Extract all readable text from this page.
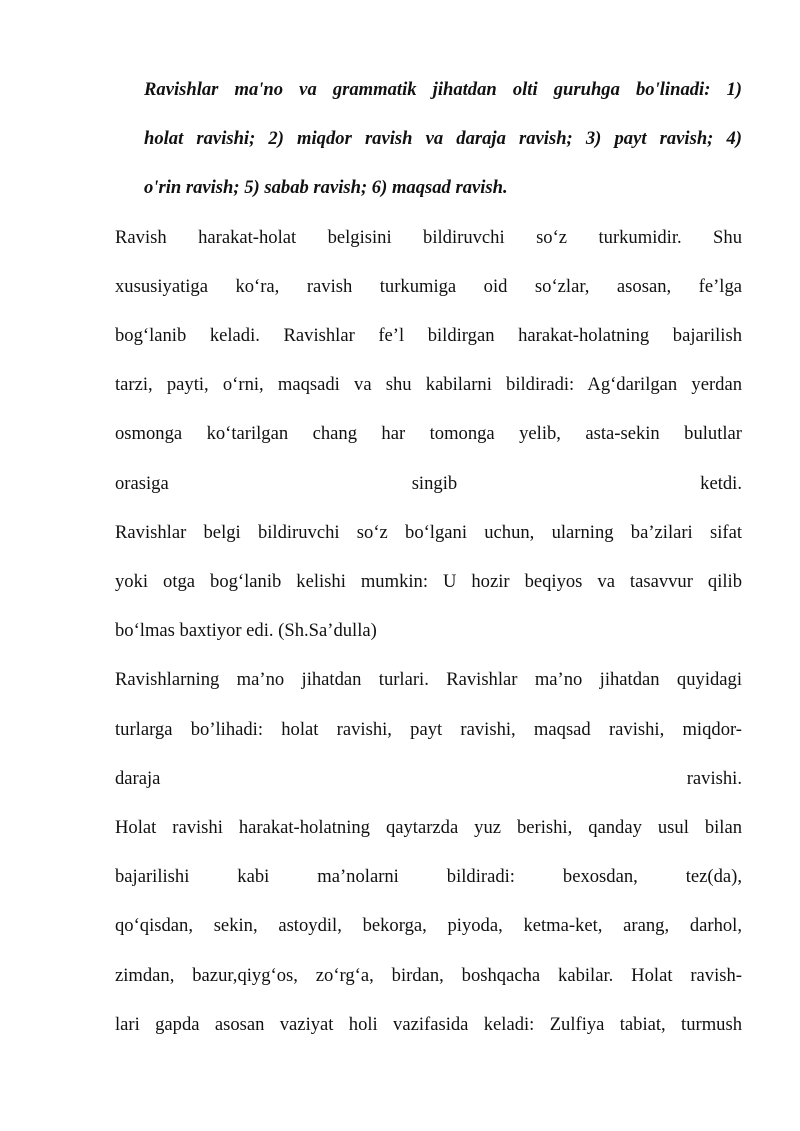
Ravishlar ma'no va grammatik jihatdan olti guruhga bo'linadi: 1)
holat ravishi; 2) miqdor ravish va daraja ravish; 3) payt ravish; 4)
o'rin ravish; 5) sabab ravish; 6) maqsad ravish.
Ravish harakat-holat belgisini bildiruvchi so‘z turkumidir. Shu
xususiyatiga ko‘ra, ravish turkumiga oid so‘zlar, asosan, fe’lga
bog‘lanib keladi. Ravishlar fe’l bildirgan harakat-holatning bajarilish
tarzi, payti, o‘rni, maqsadi va shu kabilarni bildiradi: Ag‘darilgan yerdan
osmonga ko‘tarilgan chang har tomonga yelib, asta-sekin bulutlar
orasiga singib ketdi.
Ravishlar belgi bildiruvchi so‘z bo‘lgani uchun, ularning ba’zilari sifat
yoki otga bog‘lanib kelishi mumkin: U hozir beqiyos va tasavvur qilib
bo‘lmas baxtiyor edi. (Sh.Sa’dulla)
Ravishlarning ma’no jihatdan turlari. Ravishlar ma’no jihatdan quyidagi
turlarga bo’lihadi: holat ravishi, payt ravishi, maqsad ravishi, miqdor-
daraja ravishi.
Holat ravishi harakat-holatning qaytarzda yuz berishi, qanday usul bilan
bajarilishi kabi ma’nolarni bildiradi: bexosdan, tez(da),
qo‘qisdan, sekin, astoydil, bekorga, piyoda, ketma-ket, arang, darhol,
zimdan, bazur,qiyg‘os, zo‘rg‘a, birdan, boshqacha kabilar. Holat ravish-
lari gapda asosan vaziyat holi vazifasida keladi: Zulfiya tabiat, turmush
